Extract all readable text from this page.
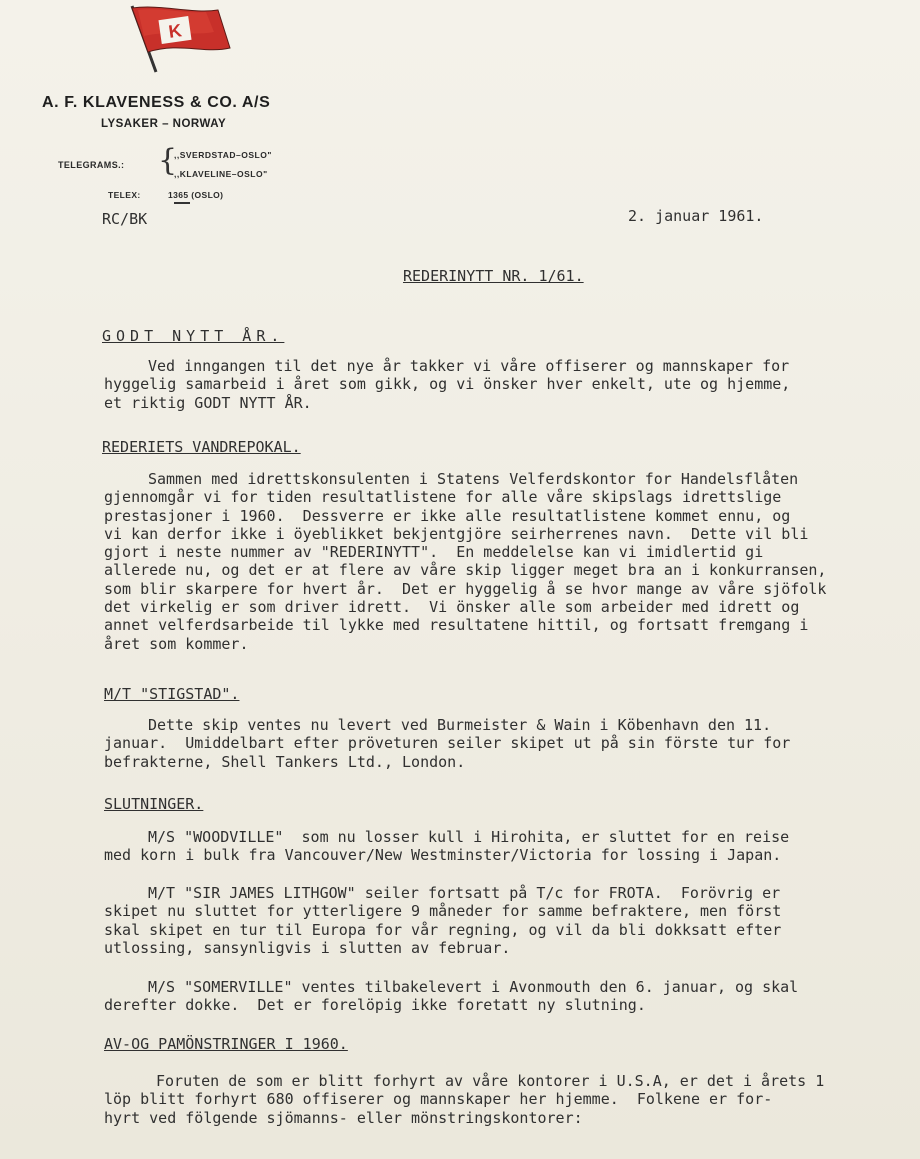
K
A. F. KLAVENESS & CO. A/S
LYSAKER – NORWAY
TELEGRAMS.: {
,,SVERDSTAD–OSLO"
,,KLAVELINE–OSLO"
TELEX:	1365 (OSLO)
RC/BK	2. januar 1961.
REDERINYTT NR. 1/61.
GODT NYTT ÅR.
Ved inngangen til det nye år takker vi våre offiserer og mannskaper for
hyggelig samarbeid i året som gikk, og vi önsker hver enkelt, ute og hjemme,
et riktig GODT NYTT ÅR.
REDERIETS VANDREPOKAL.
Sammen med idrettskonsulenten i Statens Velferdskontor for Handelsflåten
gjennomgår vi for tiden resultatlistene for alle våre skipslags idrettslige
prestasjoner i 1960.  Dessverre er ikke alle resultatlistene kommet ennu, og
vi kan derfor ikke i öyeblikket bekjentgjöre seirherrenes navn.  Dette vil bli
gjort i neste nummer av "REDERINYTT".  En meddelelse kan vi imidlertid gi
allerede nu, og det er at flere av våre skip ligger meget bra an i konkurransen,
som blir skarpere for hvert år.  Det er hyggelig å se hvor mange av våre sjöfolk
det virkelig er som driver idrett.  Vi önsker alle som arbeider med idrett og
annet velferdsarbeide til lykke med resultatene hittil, og fortsatt fremgang i
året som kommer.
M/T "STIGSTAD".
Dette skip ventes nu levert ved Burmeister & Wain i Köbenhavn den 11.
januar.  Umiddelbart efter pröveturen seiler skipet ut på sin förste tur for
befrakterne, Shell Tankers Ltd., London.
SLUTNINGER.
M/S "WOODVILLE"  som nu losser kull i Hirohita, er sluttet for en reise
med korn i bulk fra Vancouver/New Westminster/Victoria for lossing i Japan.
M/T "SIR JAMES LITHGOW" seiler fortsatt på T/c for FROTA.  Forövrig er
skipet nu sluttet for ytterligere 9 måneder for samme befraktere, men först
skal skipet en tur til Europa for vår regning, og vil da bli dokksatt efter
utlossing, sansynligvis i slutten av februar.
M/S "SOMERVILLE" ventes tilbakelevert i Avonmouth den 6. januar, og skal
derefter dokke.  Det er forelöpig ikke foretatt ny slutning.
AV-OG PAMÖNSTRINGER I 1960.
Foruten de som er blitt forhyrt av våre kontorer i U.S.A, er det i årets 1
löp blitt forhyrt 680 offiserer og mannskaper her hjemme.  Folkene er for-
hyrt ved fölgende sjömanns- eller mönstringskontorer:
